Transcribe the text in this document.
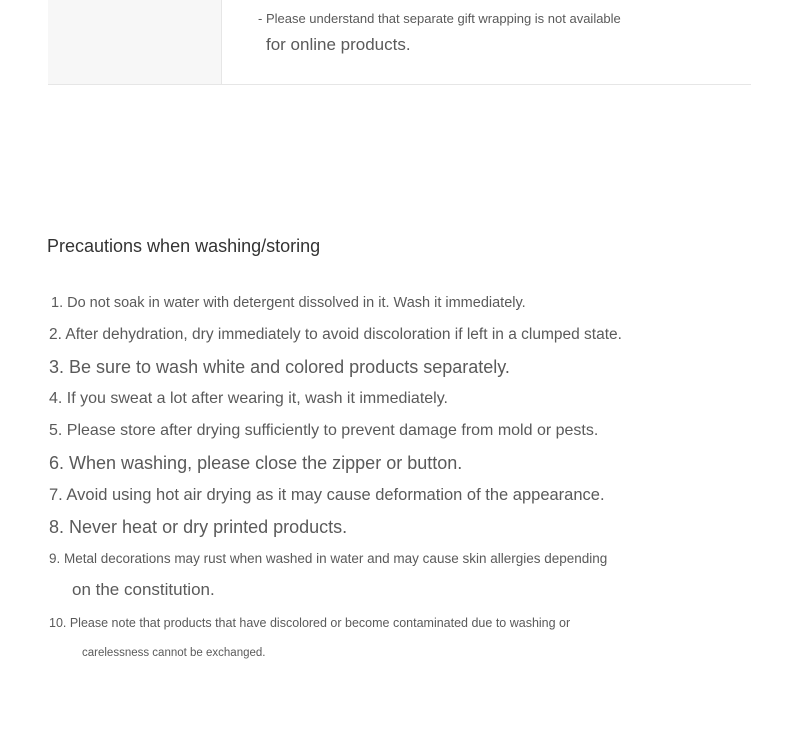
- Please understand that separate gift wrapping is not available
for online products.
Precautions when washing/storing
1. Do not soak in water with detergent dissolved in it. Wash it immediately.
2. After dehydration, dry immediately to avoid discoloration if left in a clumped state.
3. Be sure to wash white and colored products separately.
4. If you sweat a lot after wearing it, wash it immediately.
5. Please store after drying sufficiently to prevent damage from mold or pests.
6. When washing, please close the zipper or button.
7. Avoid using hot air drying as it may cause deformation of the appearance.
8. Never heat or dry printed products.
9. Metal decorations may rust when washed in water and may cause skin allergies depending
on the constitution.
10. Please note that products that have discolored or become contaminated due to washing or
carelessness cannot be exchanged.
